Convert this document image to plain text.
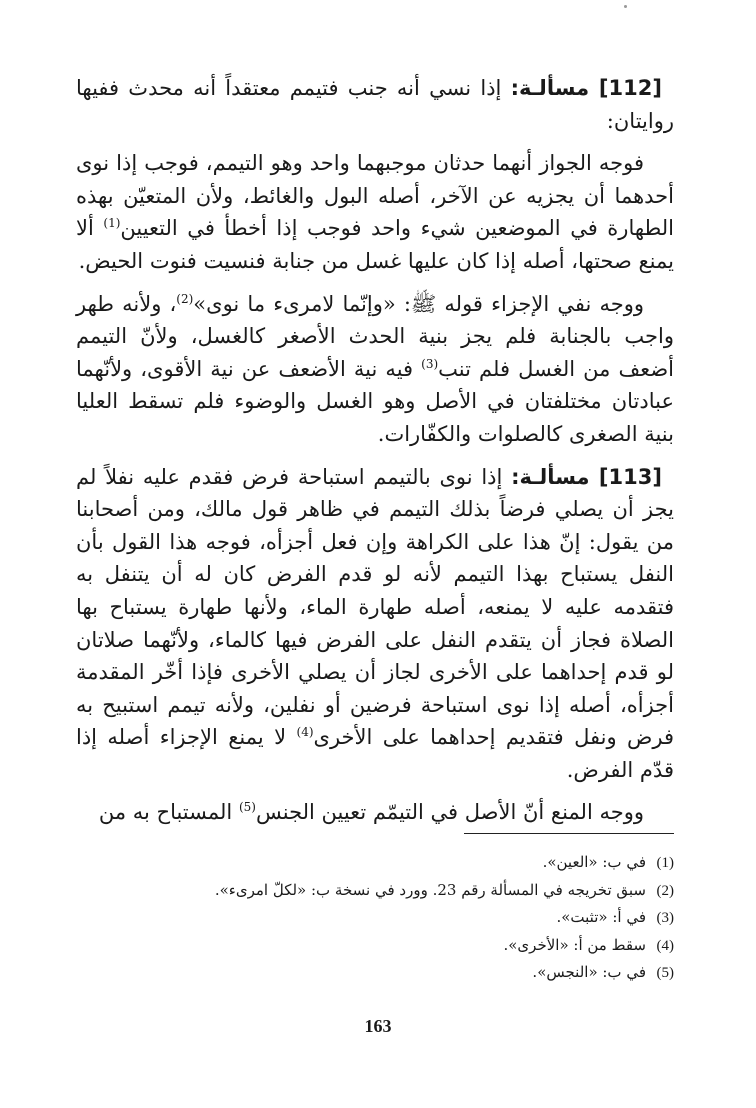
[112] مسألـة: إذا نسي أنه جنب فتيمم معتقداً أنه محدث ففيها روايتان:

فوجه الجواز أنهما حدثان موجبهما واحد وهو التيمم، فوجب إذا نوى أحدهما أن يجزيه عن الآخر، أصله البول والغائط، ولأن المتعيّن بهذه الطهارة في الموضعين شيء واحد فوجب إذا أخطأ في التعيين$^{(1)}$ ألا يمنع صحتها، أصله إذا كان عليها غسل من جنابة فنسيت فنوت الحيض.

ووجه نفي الإجزاء قوله ﷺ: «وإنّما لامرىء ما نوى»$^{(2)}$، ولأنه طهر واجب بالجنابة فلم يجز بنية الحدث الأصغر كالغسل، ولأنّ التيمم أضعف من الغسل فلم تنب$^{(3)}$ فيه نية الأضعف عن نية الأقوى، ولأنّهما عبادتان مختلفتان في الأصل وهو الغسل والوضوء فلم تسقط العليا بنية الصغرى كالصلوات والكفّارات.

[113] مسألـة: إذا نوى بالتيمم استباحة فرض فقدم عليه نفلاً لم يجز أن يصلي فرضاً بذلك التيمم في ظاهر قول مالك، ومن أصحابنا من يقول: إنّ هذا على الكراهة وإن فعل أجزأه، فوجه هذا القول بأن النفل يستباح بهذا التيمم لأنه لو قدم الفرض كان له أن يتنفل به فتقدمه عليه لا يمنعه، أصله طهارة الماء، ولأنها طهارة يستباح بها الصلاة فجاز أن يتقدم النفل على الفرض فيها كالماء، ولأنّهما صلاتان لو قدم إحداهما على الأخرى لجاز أن يصلي الأخرى فإذا أخّر المقدمة أجزأه، أصله إذا نوى استباحة فرضين أو نفلين، ولأنه تيمم استبيح به فرض ونفل فتقديم إحداهما على الأخرى$^{(4)}$ لا يمنع الإجزاء أصله إذا قدّم الفرض.

ووجه المنع أنّ الأصل في التيمّم تعيين الجنس$^{(5)}$ المستباح به من

(1)
في ب: «العين».
(2)
سبق تخريجه في المسألة رقم 23. وورد في نسخة ب: «لكلّ امرىء».
(3)
في أ: «تثبت».
(4)
سقط من أ: «الأخرى».
(5)
في ب: «النجس».
163
